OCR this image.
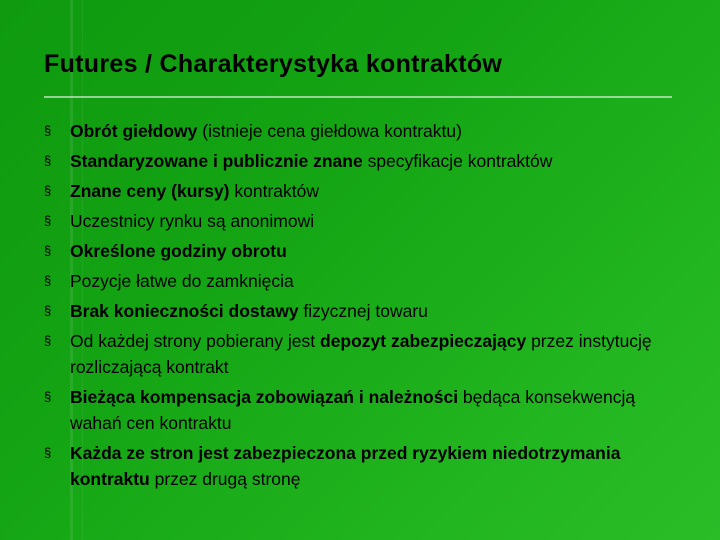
Futures / Charakterystyka kontraktów
§	Obrót giełdowy (istnieje cena giełdowa kontraktu)
§	Standaryzowane i publicznie znane specyfikacje kontraktów
§	Znane ceny (kursy) kontraktów
§	Uczestnicy rynku są anonimowi
§	Określone godziny obrotu
§	Pozycje łatwe do zamknięcia
§	Brak konieczności dostawy fizycznej towaru
§	Od każdej strony pobierany jest depozyt zabezpieczający przez instytucję rozliczającą kontrakt
§	Bieżąca kompensacja zobowiązań i należności będąca konsekwencją wahań cen kontraktu
§	Każda ze stron jest zabezpieczona przed ryzykiem niedotrzymania kontraktu przez drugą stronę
